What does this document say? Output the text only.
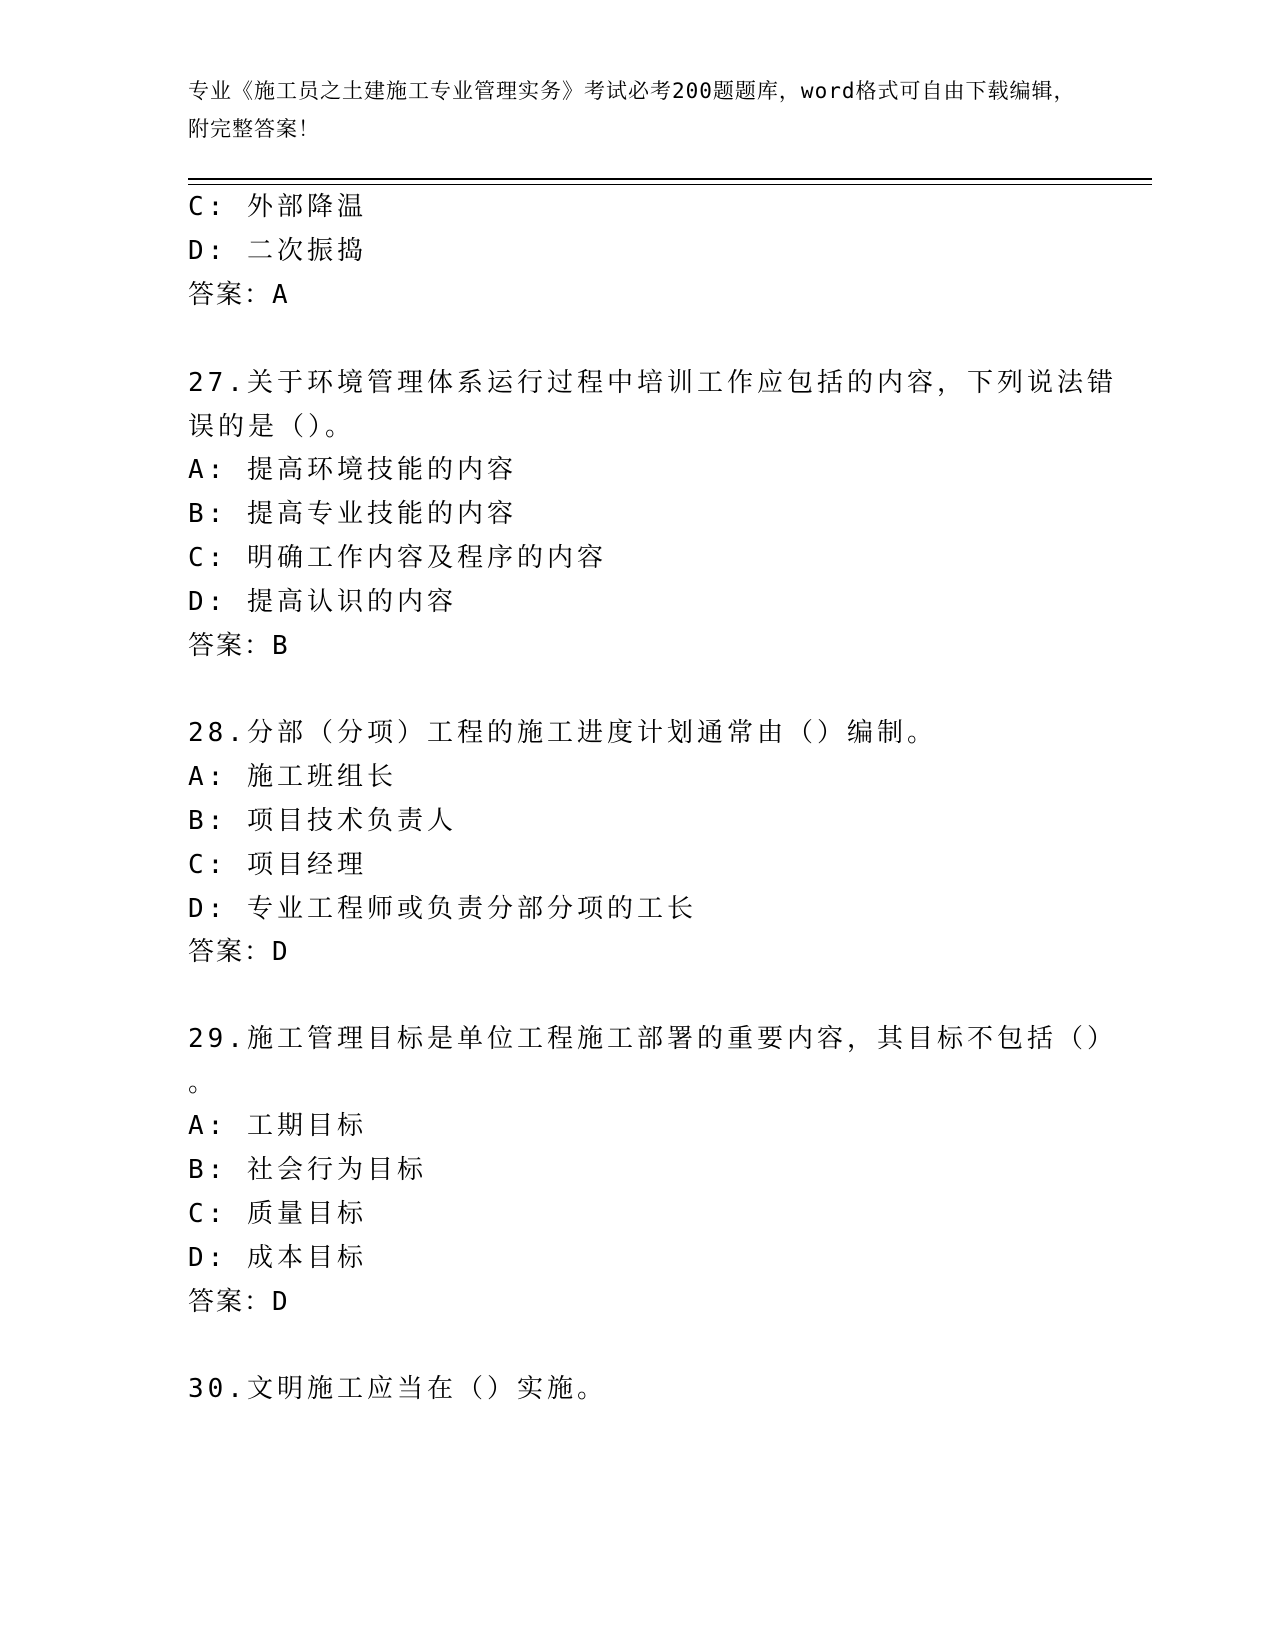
专业《施工员之土建施工专业管理实务》考试必考200题题库，word格式可自由下载编辑，附完整答案！
C: 外部降温
D: 二次振捣
答案：A
27.关于环境管理体系运行过程中培训工作应包括的内容，下列说法错
误的是（）。
A: 提高环境技能的内容
B: 提高专业技能的内容
C: 明确工作内容及程序的内容
D: 提高认识的内容
答案：B
28.分部（分项）工程的施工进度计划通常由（）编制。
A: 施工班组长
B: 项目技术负责人
C: 项目经理
D: 专业工程师或负责分部分项的工长
答案：D
29.施工管理目标是单位工程施工部署的重要内容，其目标不包括（）
。
A: 工期目标
B: 社会行为目标
C: 质量目标
D: 成本目标
答案：D
30.文明施工应当在（）实施。
